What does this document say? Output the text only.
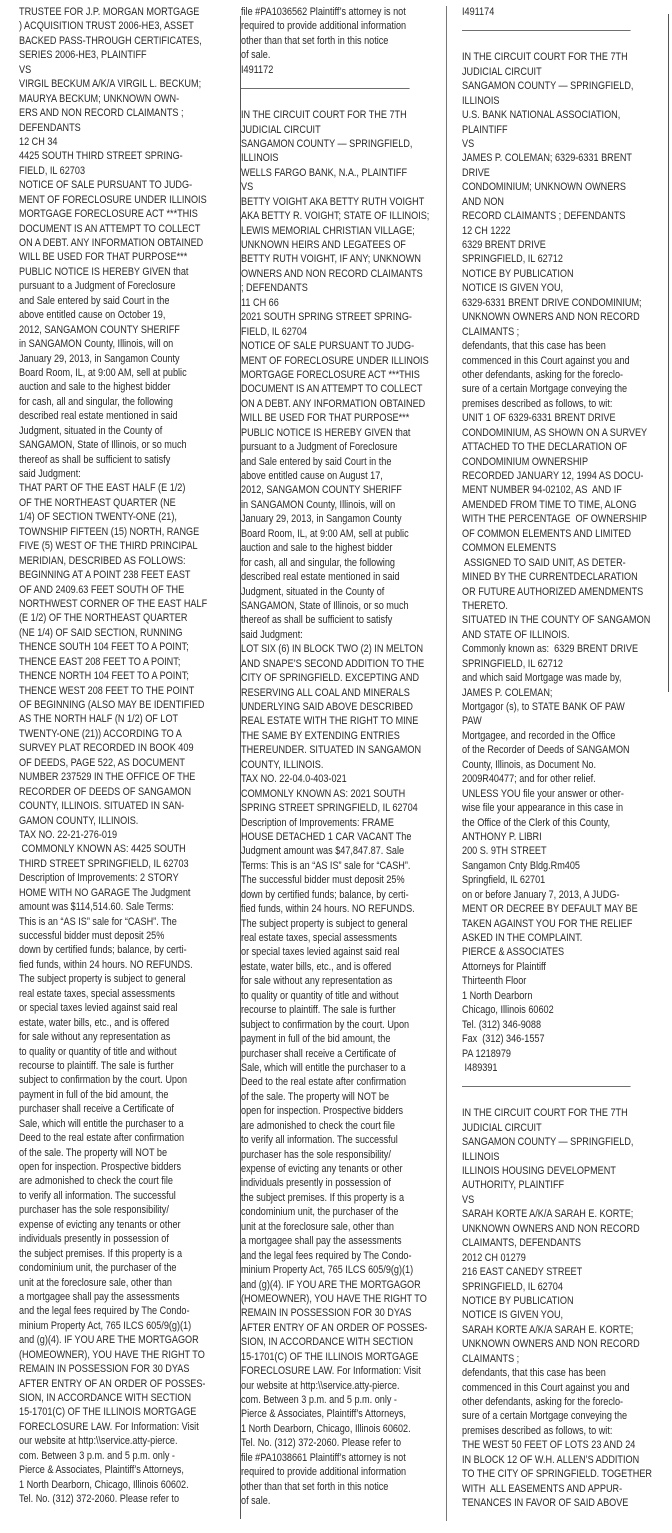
TRUSTEE FOR J.P. MORGAN MORTGAGE
) ACQUISITION TRUST 2006-HE3, ASSET
BACKED PASS-THROUGH CERTIFICATES,
SERIES 2006-HE3, PLAINTIFF
VS
VIRGIL BECKUM A/K/A VIRGIL L. BECKUM;
MAURYA BECKUM; UNKNOWN OWN-
ERS AND NON RECORD CLAIMANTS ;
DEFENDANTS
12 CH 34
4425 SOUTH THIRD STREET SPRING-
FIELD, IL 62703
NOTICE OF SALE PURSUANT TO JUDG-
MENT OF FORECLOSURE UNDER ILLINOIS
MORTGAGE FORECLOSURE ACT ***THIS
DOCUMENT IS AN ATTEMPT TO COLLECT
ON A DEBT. ANY INFORMATION OBTAINED
WILL BE USED FOR THAT PURPOSE***
PUBLIC NOTICE IS HEREBY GIVEN that
pursuant to a Judgment of Foreclosure
and Sale entered by said Court in the
above entitled cause on October 19,
2012, SANGAMON COUNTY SHERIFF
in SANGAMON County, Illinois, will on
January 29, 2013, in Sangamon County
Board Room, IL, at 9:00 AM, sell at public
auction and sale to the highest bidder
for cash, all and singular, the following
described real estate mentioned in said
Judgment, situated in the County of
SANGAMON, State of Illinois, or so much
thereof as shall be sufficient to satisfy
said Judgment:
THAT PART OF THE EAST HALF (E 1/2)
OF THE NORTHEAST QUARTER (NE
1/4) OF SECTION TWENTY-ONE (21),
TOWNSHIP FIFTEEN (15) NORTH, RANGE
FIVE (5) WEST OF THE THIRD PRINCIPAL
MERIDIAN, DESCRIBED AS FOLLOWS:
BEGINNING AT A POINT 238 FEET EAST
OF AND 2409.63 FEET SOUTH OF THE
NORTHWEST CORNER OF THE EAST HALF
(E 1/2) OF THE NORTHEAST QUARTER
(NE 1/4) OF SAID SECTION, RUNNING
THENCE SOUTH 104 FEET TO A POINT;
THENCE EAST 208 FEET TO A POINT;
THENCE NORTH 104 FEET TO A POINT;
THENCE WEST 208 FEET TO THE POINT
OF BEGINNING (ALSO MAY BE IDENTIFIED
AS THE NORTH HALF (N 1/2) OF LOT
TWENTY-ONE (21)) ACCORDING TO A
SURVEY PLAT RECORDED IN BOOK 409
OF DEEDS, PAGE 522, AS DOCUMENT
NUMBER 237529 IN THE OFFICE OF THE
RECORDER OF DEEDS OF SANGAMON
COUNTY, ILLINOIS. SITUATED IN SAN-
GAMON COUNTY, ILLINOIS.
TAX NO. 22-21-276-019
COMMONLY KNOWN AS: 4425 SOUTH
THIRD STREET SPRINGFIELD, IL 62703
Description of Improvements: 2 STORY
HOME WITH NO GARAGE The Judgment
amount was $114,514.60. Sale Terms:
This is an “AS IS” sale for “CASH”. The
successful bidder must deposit 25%
down by certified funds; balance, by certi-
fied funds, within 24 hours. NO REFUNDS.
The subject property is subject to general
real estate taxes, special assessments
or special taxes levied against said real
estate, water bills, etc., and is offered
for sale without any representation as
to quality or quantity of title and without
recourse to plaintiff. The sale is further
subject to confirmation by the court. Upon
payment in full of the bid amount, the
purchaser shall receive a Certificate of
Sale, which will entitle the purchaser to a
Deed to the real estate after confirmation
of the sale. The property will NOT be
open for inspection. Prospective bidders
are admonished to check the court file
to verify all information. The successful
purchaser has the sole responsibility/
expense of evicting any tenants or other
individuals presently in possession of
the subject premises. If this property is a
condominium unit, the purchaser of the
unit at the foreclosure sale, other than
a mortgagee shall pay the assessments
and the legal fees required by The Condo-
minium Property Act, 765 ILCS 605/9(g)(1)
and (g)(4). IF YOU ARE THE MORTGAGOR
(HOMEOWNER), YOU HAVE THE RIGHT TO
REMAIN IN POSSESSION FOR 30 DYAS
AFTER ENTRY OF AN ORDER OF POSSES-
SION, IN ACCORDANCE WITH SECTION
15-1701(C) OF THE ILLINOIS MORTGAGE
FORECLOSURE LAW. For Information: Visit
our website at http:\\service.atty-pierce.
com. Between 3 p.m. and 5 p.m. only -
Pierce & Associates, Plaintiff’s Attorneys,
1 North Dearborn, Chicago, Illinois 60602.
Tel. No. (312) 372-2060. Please refer to
file #PA1036562 Plaintiff’s attorney is not
required to provide additional information
other than that set forth in this notice
of sale.
I491172
IN THE CIRCUIT COURT FOR THE 7TH
JUDICIAL CIRCUIT
SANGAMON COUNTY — SPRINGFIELD,
ILLINOIS
WELLS FARGO BANK, N.A., PLAINTIFF
VS
BETTY VOIGHT AKA BETTY RUTH VOIGHT
AKA BETTY R. VOIGHT; STATE OF ILLINOIS;
LEWIS MEMORIAL CHRISTIAN VILLAGE;
UNKNOWN HEIRS AND LEGATEES OF
BETTY RUTH VOIGHT, IF ANY; UNKNOWN
OWNERS AND NON RECORD CLAIMANTS
; DEFENDANTS
11 CH 66
2021 SOUTH SPRING STREET SPRING-
FIELD, IL 62704
NOTICE OF SALE PURSUANT TO JUDG-
MENT OF FORECLOSURE UNDER ILLINOIS
MORTGAGE FORECLOSURE ACT ***THIS
DOCUMENT IS AN ATTEMPT TO COLLECT
ON A DEBT. ANY INFORMATION OBTAINED
WILL BE USED FOR THAT PURPOSE***
PUBLIC NOTICE IS HEREBY GIVEN that
pursuant to a Judgment of Foreclosure
and Sale entered by said Court in the
above entitled cause on August 17,
2012, SANGAMON COUNTY SHERIFF
in SANGAMON County, Illinois, will on
January 29, 2013, in Sangamon County
Board Room, IL, at 9:00 AM, sell at public
auction and sale to the highest bidder
for cash, all and singular, the following
described real estate mentioned in said
Judgment, situated in the County of
SANGAMON, State of Illinois, or so much
thereof as shall be sufficient to satisfy
said Judgment:
LOT SIX (6) IN BLOCK TWO (2) IN MELTON
AND SNAPE’S SECOND ADDITION TO THE
CITY OF SPRINGFIELD. EXCEPTING AND
RESERVING ALL COAL AND MINERALS
UNDERLYING SAID ABOVE DESCRIBED
REAL ESTATE WITH THE RIGHT TO MINE
THE SAME BY EXTENDING ENTRIES
THEREUNDER. SITUATED IN SANGAMON
COUNTY, ILLINOIS.
TAX NO. 22-04.0-403-021
COMMONLY KNOWN AS: 2021 SOUTH
SPRING STREET SPRINGFIELD, IL 62704
Description of Improvements: FRAME
HOUSE DETACHED 1 CAR VACANT The
Judgment amount was $47,847.87. Sale
Terms: This is an “AS IS” sale for “CASH”.
The successful bidder must deposit 25%
down by certified funds; balance, by certi-
fied funds, within 24 hours. NO REFUNDS.
The subject property is subject to general
real estate taxes, special assessments
or special taxes levied against said real
estate, water bills, etc., and is offered
for sale without any representation as
to quality or quantity of title and without
recourse to plaintiff. The sale is further
subject to confirmation by the court. Upon
payment in full of the bid amount, the
purchaser shall receive a Certificate of
Sale, which will entitle the purchaser to a
Deed to the real estate after confirmation
of the sale. The property will NOT be
open for inspection. Prospective bidders
are admonished to check the court file
to verify all information. The successful
purchaser has the sole responsibility/
expense of evicting any tenants or other
individuals presently in possession of
the subject premises. If this property is a
condominium unit, the purchaser of the
unit at the foreclosure sale, other than
a mortgagee shall pay the assessments
and the legal fees required by The Condo-
minium Property Act, 765 ILCS 605/9(g)(1)
and (g)(4). IF YOU ARE THE MORTGAGOR
(HOMEOWNER), YOU HAVE THE RIGHT TO
REMAIN IN POSSESSION FOR 30 DYAS
AFTER ENTRY OF AN ORDER OF POSSES-
SION, IN ACCORDANCE WITH SECTION
15-1701(C) OF THE ILLINOIS MORTGAGE
FORECLOSURE LAW. For Information: Visit
our website at http:\\service.atty-pierce.
com. Between 3 p.m. and 5 p.m. only -
Pierce & Associates, Plaintiff’s Attorneys,
1 North Dearborn, Chicago, Illinois 60602.
Tel. No. (312) 372-2060. Please refer to
file #PA1038661 Plaintiff’s attorney is not
required to provide additional information
other than that set forth in this notice
of sale.
I491174
IN THE CIRCUIT COURT FOR THE 7TH
JUDICIAL CIRCUIT
SANGAMON COUNTY — SPRINGFIELD,
ILLINOIS
U.S. BANK NATIONAL ASSOCIATION,
PLAINTIFF
VS
JAMES P. COLEMAN; 6329-6331 BRENT
DRIVE
CONDOMINIUM; UNKNOWN OWNERS
AND NON
RECORD CLAIMANTS ; DEFENDANTS
12 CH 1222
6329 BRENT DRIVE
SPRINGFIELD, IL 62712
NOTICE BY PUBLICATION
NOTICE IS GIVEN YOU,
6329-6331 BRENT DRIVE CONDOMINIUM;
UNKNOWN OWNERS AND NON RECORD
CLAIMANTS ;
defendants, that this case has been
commenced in this Court against you and
other defendants, asking for the foreclo-
sure of a certain Mortgage conveying the
premises described as follows, to wit:
UNIT 1 OF 6329-6331 BRENT DRIVE
CONDOMINIUM, AS SHOWN ON A SURVEY
ATTACHED TO THE DECLARATION OF
CONDOMINIUM OWNERSHIP
RECORDED JANUARY 12, 1994 AS DOCU-
MENT NUMBER 94-02102, AS  AND IF
AMENDED FROM TIME TO TIME, ALONG
WITH THE PERCENTAGE  OF OWNERSHIP
OF COMMON ELEMENTS AND LIMITED
COMMON ELEMENTS
ASSIGNED TO SAID UNIT, AS DETER-
MINED BY THE CURRENTDECLARATION
OR FUTURE AUTHORIZED AMENDMENTS
THERETO.
SITUATED IN THE COUNTY OF SANGAMON
AND STATE OF ILLINOIS.
Commonly known as:  6329 BRENT DRIVE
SPRINGFIELD, IL 62712
and which said Mortgage was made by,
JAMES P. COLEMAN;
Mortgagor (s), to STATE BANK OF PAW
PAW
Mortgagee, and recorded in the Office
of the Recorder of Deeds of SANGAMON
County, Illinois, as Document No.
2009R40477; and for other relief.
UNLESS YOU file your answer or other-
wise file your appearance in this case in
the Office of the Clerk of this County,
ANTHONY P. LIBRI
200 S. 9TH STREET
Sangamon Cnty Bldg.Rm405
Springfield, IL 62701
on or before January 7, 2013, A JUDG-
MENT OR DECREE BY DEFAULT MAY BE
TAKEN AGAINST YOU FOR THE RELIEF
ASKED IN THE COMPLAINT.
PIERCE & ASSOCIATES
Attorneys for Plaintiff
Thirteenth Floor
1 North Dearborn
Chicago, Illinois 60602
Tel. (312) 346-9088
Fax  (312) 346-1557
PA 1218979
I489391
IN THE CIRCUIT COURT FOR THE 7TH
JUDICIAL CIRCUIT
SANGAMON COUNTY — SPRINGFIELD,
ILLINOIS
ILLINOIS HOUSING DEVELOPMENT
AUTHORITY, PLAINTIFF
VS
SARAH KORTE A/K/A SARAH E. KORTE;
UNKNOWN OWNERS AND NON RECORD
CLAIMANTS, DEFENDANTS
2012 CH 01279
216 EAST CANEDY STREET
SPRINGFIELD, IL 62704
NOTICE BY PUBLICATION
NOTICE IS GIVEN YOU,
SARAH KORTE A/K/A SARAH E. KORTE;
UNKNOWN OWNERS AND NON RECORD
CLAIMANTS ;
defendants, that this case has been
commenced in this Court against you and
other defendants, asking for the foreclo-
sure of a certain Mortgage conveying the
premises described as follows, to wit:
THE WEST 50 FEET OF LOTS 23 AND 24
IN BLOCK 12 OF W.H. ALLEN’S ADDITION
TO THE CITY OF SPRINGFIELD. TOGETHER
WITH  ALL EASEMENTS AND APPUR-
TENANCES IN FAVOR OF SAID ABOVE
